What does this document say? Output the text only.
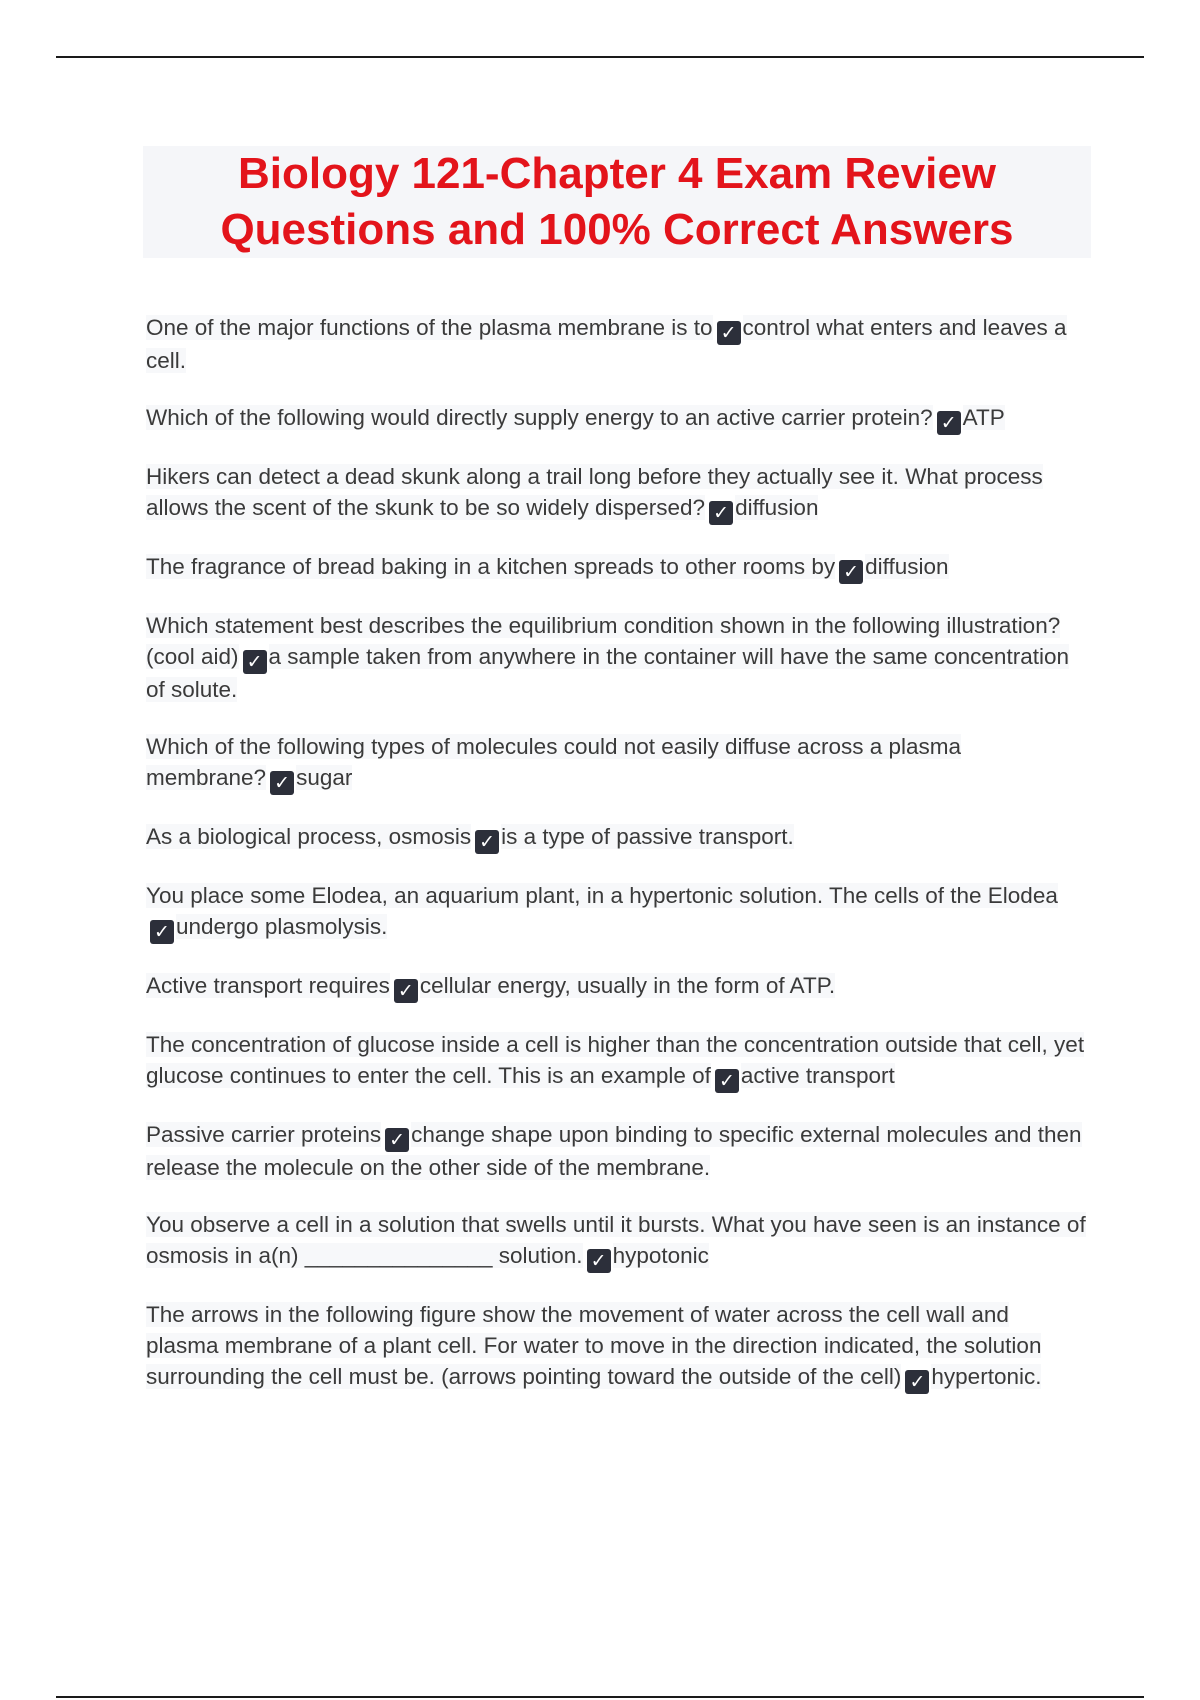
Biology 121-Chapter 4 Exam Review
Questions and 100% Correct Answers
One of the major functions of the plasma membrane is to ✓ control what enters and leaves a cell.
Which of the following would directly supply energy to an active carrier protein? ✓ ATP
Hikers can detect a dead skunk along a trail long before they actually see it. What process allows the scent of the skunk to be so widely dispersed? ✓ diffusion
The fragrance of bread baking in a kitchen spreads to other rooms by ✓ diffusion
Which statement best describes the equilibrium condition shown in the following illustration? (cool aid) ✓ a sample taken from anywhere in the container will have the same concentration of solute.
Which of the following types of molecules could not easily diffuse across a plasma membrane? ✓ sugar
As a biological process, osmosis ✓ is a type of passive transport.
You place some Elodea, an aquarium plant, in a hypertonic solution. The cells of the Elodea✓ undergo plasmolysis.
Active transport requires ✓ cellular energy, usually in the form of ATP.
The concentration of glucose inside a cell is higher than the concentration outside that cell, yet glucose continues to enter the cell. This is an example of ✓ active transport
Passive carrier proteins ✓ change shape upon binding to specific external molecules and then release the molecule on the other side of the membrane.
You observe a cell in a solution that swells until it bursts. What you have seen is an instance of osmosis in a(n) _______________ solution. ✓ hypotonic
The arrows in the following figure show the movement of water across the cell wall and plasma membrane of a plant cell. For water to move in the direction indicated, the solution surrounding the cell must be. (arrows pointing toward the outside of the cell) ✓ hypertonic.
